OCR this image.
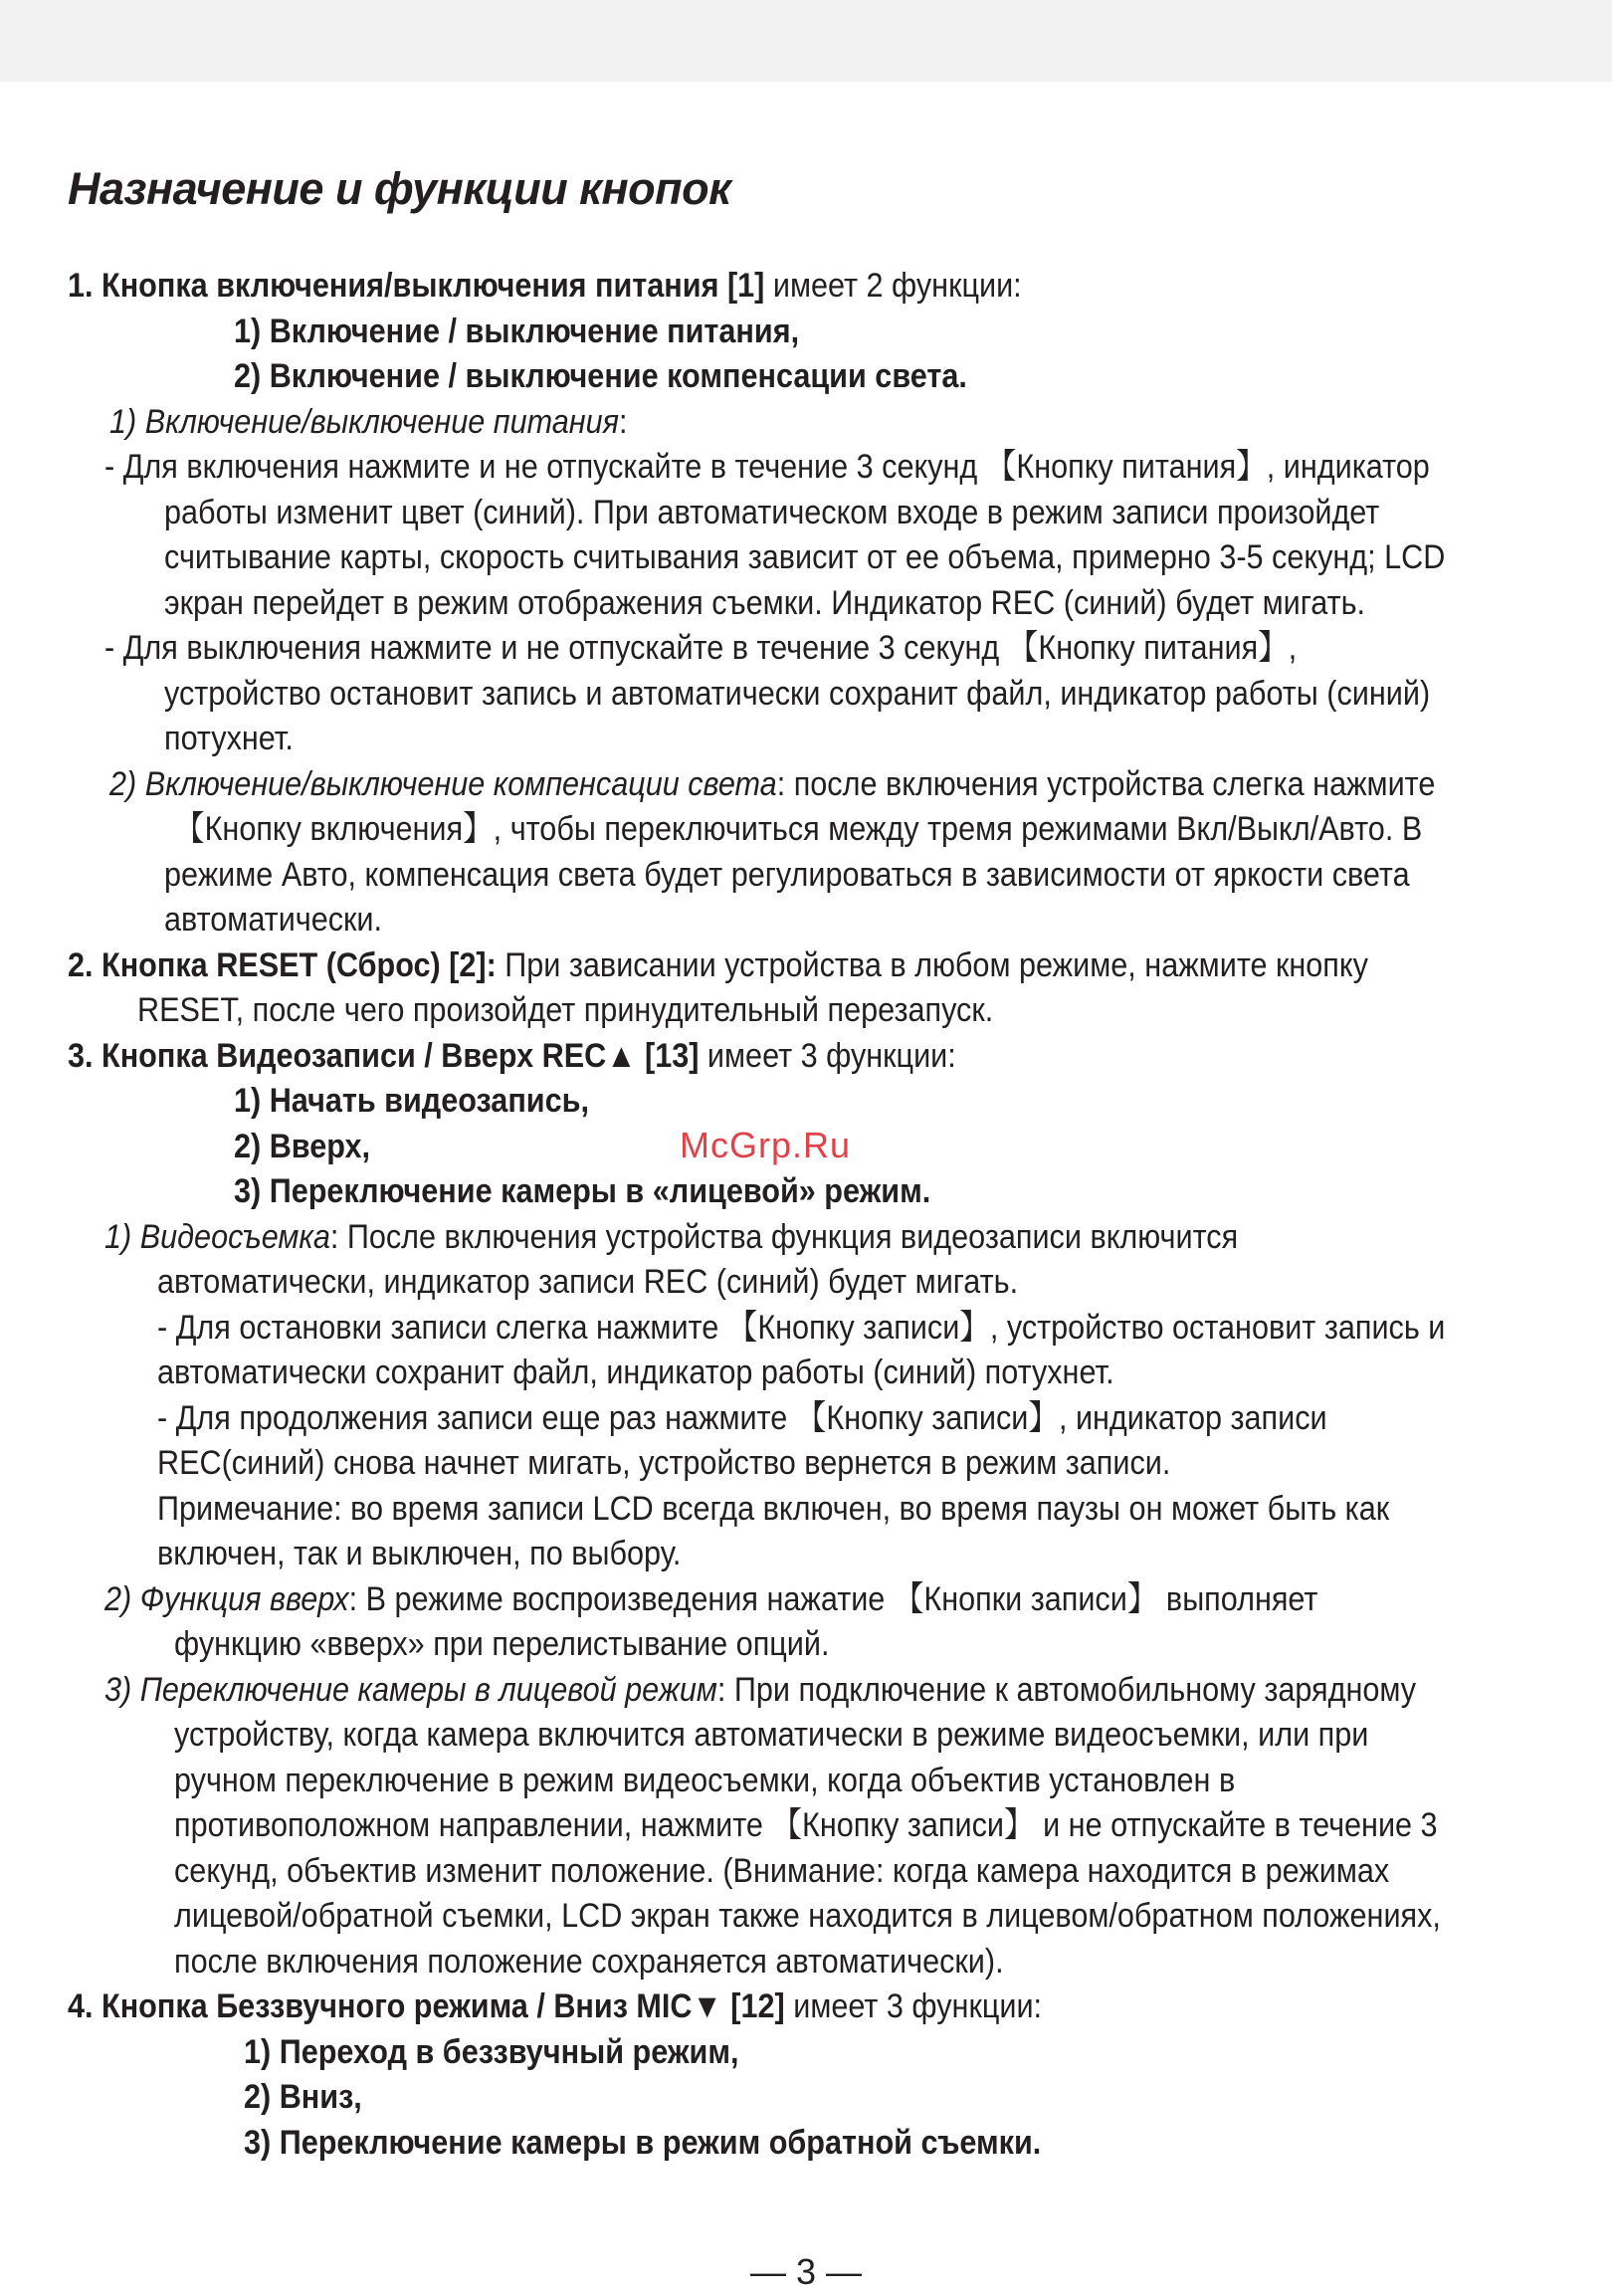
Назначение и функции кнопок
1. Кнопка включения/выключения питания [1] имеет 2 функции:
1) Включение / выключение питания,
2) Включение / выключение компенсации света.
1) Включение/выключение питания:
- Для включения нажмите и не отпускайте в течение 3 секунд 【Кнопку питания】, индикатор
работы изменит цвет (синий). При автоматическом входе в режим записи произойдет
считывание карты, скорость считывания зависит от ее объема, примерно 3-5 секунд; LCD
экран перейдет в режим отображения съемки. Индикатор REC (синий) будет мигать.
- Для выключения нажмите и не отпускайте в течение 3 секунд 【Кнопку питания】,
устройство остановит запись и автоматически сохранит файл, индикатор работы (синий)
потухнет.
2) Включение/выключение компенсации света: после включения устройства слегка нажмите
【Кнопку включения】, чтобы переключиться между тремя режимами Вкл/Выкл/Авто. В
режиме Авто, компенсация света будет регулироваться в зависимости от яркости света
автоматически.
2. Кнопка RESET (Сброс) [2]: При зависании устройства в любом режиме, нажмите кнопку
RESET, после чего произойдет принудительный перезапуск.
3. Кнопка Видеозаписи / Вверх REC▲ [13] имеет 3 функции:
1) Начать видеозапись,
2) Вверх,
3) Переключение камеры в «лицевой» режим.
1) Видеосъемка: После включения устройства функция видеозаписи включится
автоматически, индикатор записи REC (синий) будет мигать.
- Для остановки записи слегка нажмите 【Кнопку записи】, устройство остановит запись и
автоматически сохранит файл, индикатор работы (синий) потухнет.
- Для продолжения записи еще раз нажмите 【Кнопку записи】, индикатор записи
REC(синий) снова начнет мигать, устройство вернется в режим записи.
Примечание: во время записи LCD всегда включен, во время паузы он может быть как
включен, так и выключен, по выбору.
2) Функция вверх: В режиме воспроизведения нажатие 【Кнопки записи】 выполняет
функцию «вверх» при перелистывание опций.
3) Переключение камеры в лицевой режим: При подключение к автомобильному зарядному
устройству, когда камера включится автоматически в режиме видеосъемки, или при
ручном переключение в режим видеосъемки, когда объектив установлен в
противоположном направлении, нажмите 【Кнопку записи】 и не отпускайте в течение 3
секунд, объектив изменит положение. (Внимание: когда камера находится в режимах
лицевой/обратной съемки, LCD экран также находится в лицевом/обратном положениях,
после включения положение сохраняется автоматически).
4. Кнопка Беззвучного режима / Вниз MIC▼ [12] имеет 3 функции:
1) Переход в беззвучный режим,
2) Вниз,
3) Переключение камеры в режим обратной съемки.

McGrp.Ru

— 3 —
